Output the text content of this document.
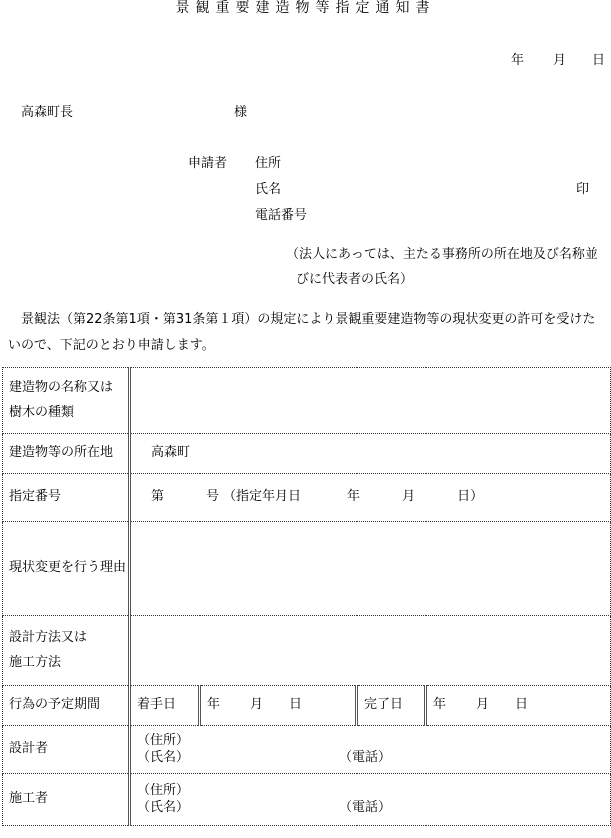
景観重要建造物等指定通知書
年 月 日
高森町長	様
申請者 住所
氏名	印
電話番号
（法人にあっては、主たる事務所の所在地及び名称並
びに代表者の氏名）
景観法（第22条第1項・第31条第１項）の規定により景観重要建造物等の現状変更の許可を受けた
いので、下記のとおり申請します。
建造物の名称又は
樹木の種類				

建造物等の所在地	高森町			
指定番号	第 号 （指定年月日 年 月 日）			
現状変更を行う理由				

設計方法又は
施工方法				

行為の予定期間	着手日	年 月 日	完了日	年 月 日
設計者	（住所）
（氏名） （電話）			

施工者	（住所）
（氏名） （電話）			
